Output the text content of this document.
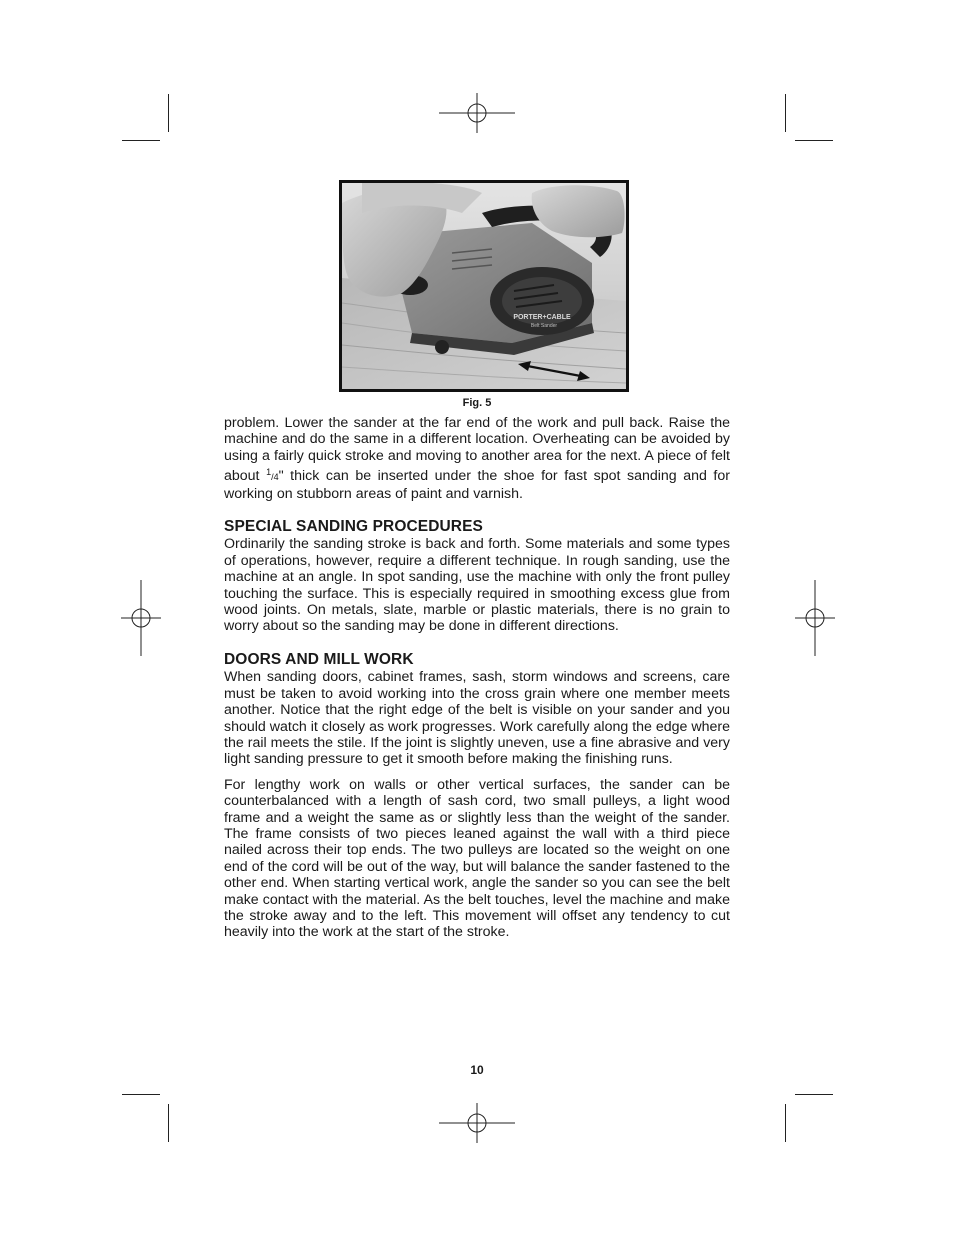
PORTER+CABLE
Belt Sander
Fig. 5

problem. Lower the sander at the far end of the work and pull back. Raise the machine and do the same in a different location. Overheating can be avoided by using a fairly quick stroke and moving to another area for the next. A piece of felt about $^1$/4" thick can be inserted under the shoe for fast spot sanding and for working on stubborn areas of paint and varnish.

SPECIAL SANDING PROCEDURES

Ordinarily the sanding stroke is back and forth. Some materials and some types of operations, however, require a different technique. In rough sanding, use the machine at an angle. In spot sanding, use the machine with only the front pulley touching the surface. This is especially required in smoothing excess glue from wood joints. On metals, slate, marble or plastic materials, there is no grain to worry about so the sanding may be done in different directions.

DOORS AND MILL WORK

When sanding doors, cabinet frames, sash, storm windows and screens, care must be taken to avoid working into the cross grain where one member meets another. Notice that the right edge of the belt is visible on your sander and you should watch it closely as work progresses. Work carefully along the edge where the rail meets the stile. If the joint is slightly uneven, use a fine abrasive and very light sanding pressure to get it smooth before making the finishing runs.

For lengthy work on walls or other vertical surfaces, the sander can be counterbalanced with a length of sash cord, two small pulleys, a light wood frame and a weight the same as or slightly less than the weight of the sander. The frame consists of two pieces leaned against the wall with a third piece nailed across their top ends. The two pulleys are located so the weight on one end of the cord will be out of the way, but will balance the sander fastened to the other end. When starting vertical work, angle the sander so you can see the belt make contact with the material. As the belt touches, level the machine and make the stroke away and to the left. This movement will offset any tendency to cut heavily into the work at the start of the stroke.

10
